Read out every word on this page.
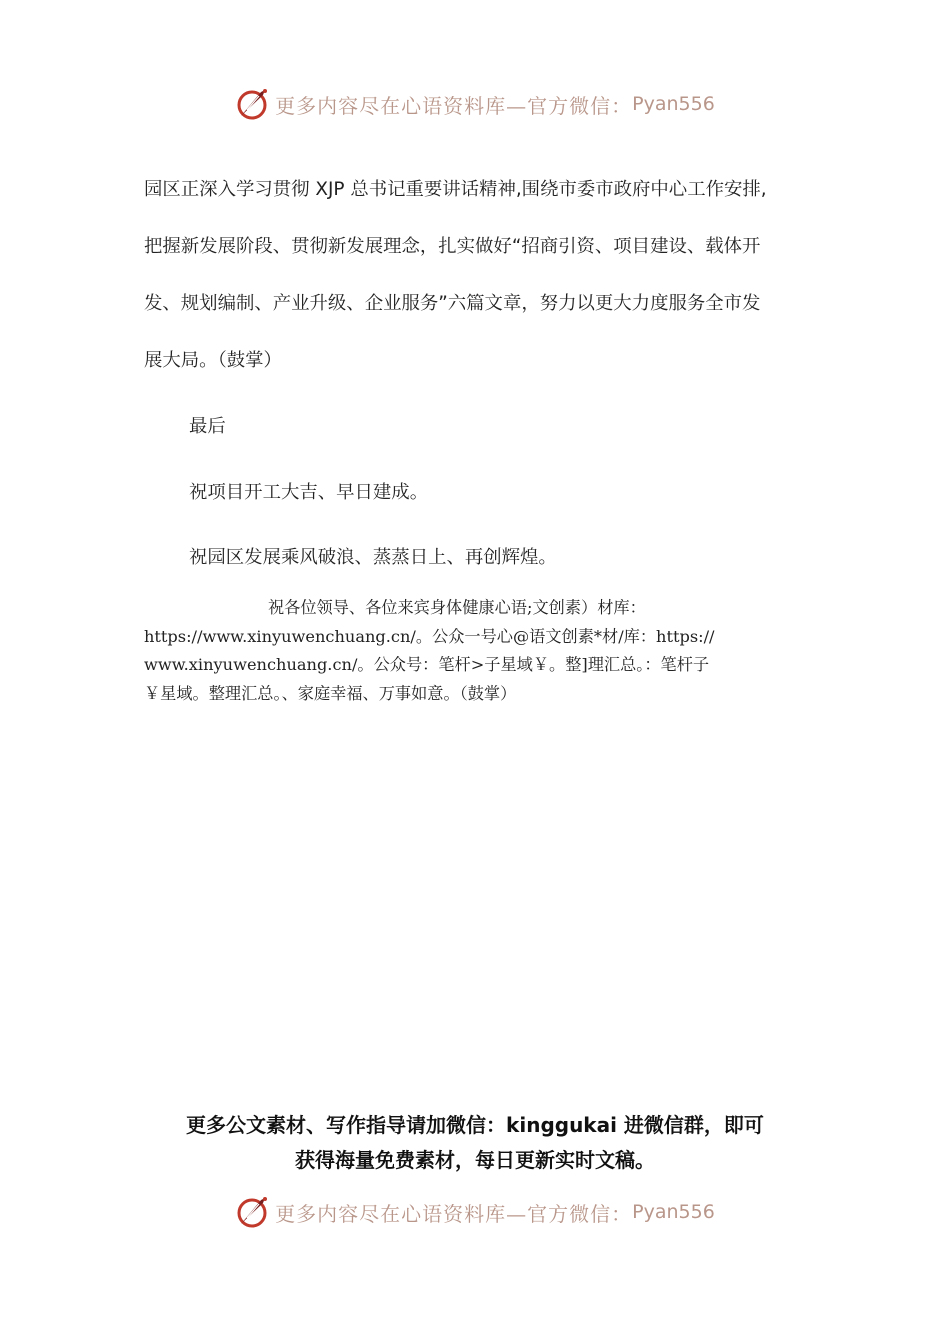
更多内容尽在心语资料库—官方微信： Pyan556
园区正深入学习贯彻 XJP 总书记重要讲话精神,围绕市委市政府中心工作安排,
把握新发展阶段、贯彻新发展理念，扎实做好“招商引资、项目建设、载体开
发、规划编制、产业升级、企业服务”六篇文章，努力以更大力度服务全市发
展大局。（鼓掌）
最后
祝项目开工大吉、早日建成。
祝园区发展乘风破浪、蒸蒸日上、再创辉煌。
祝各位领导、各位来宾身体健康心语;文创素）材库：
https://www.xinyuwenchuang.cn/。公众一号心@语文创素*材/库：https://
www.xinyuwenchuang.cn/。公众号：笔杆>子星域￥。整]理汇总。：笔杆子
￥星域。整理汇总。、家庭幸福、万事如意。（鼓掌）
更多公文素材、写作指导请加微信：kinggukai 进微信群，即可
获得海量免费素材，每日更新实时文稿。
更多内容尽在心语资料库—官方微信： Pyan556
